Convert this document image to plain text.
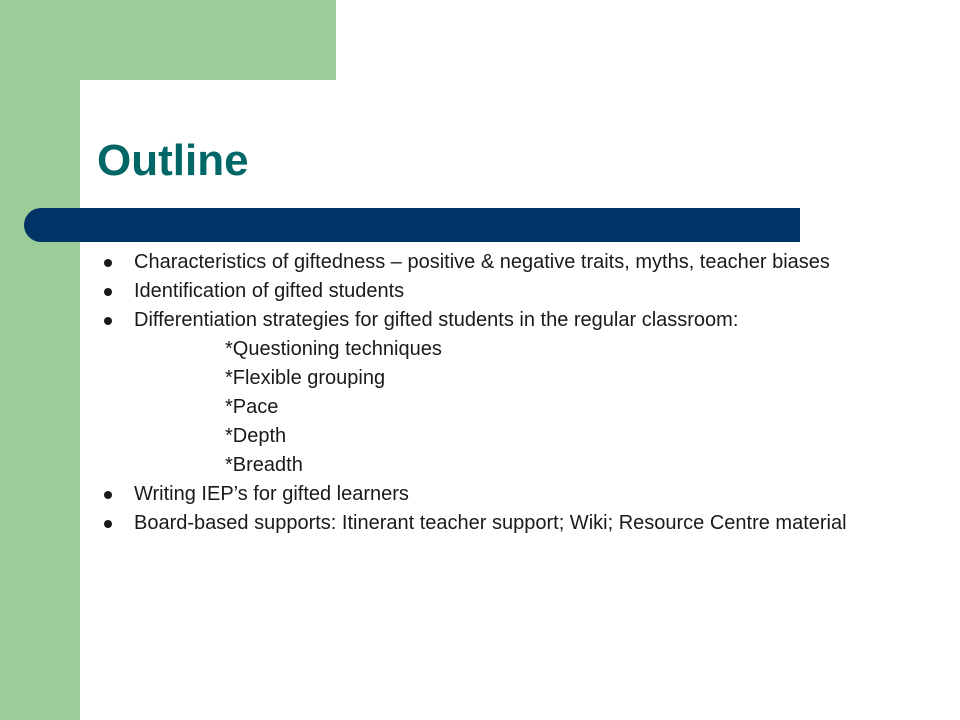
Outline
Characteristics of giftedness – positive & negative traits, myths, teacher biases
Identification of gifted students
Differentiation strategies for gifted students in the regular classroom:
*Questioning techniques
*Flexible grouping
*Pace
*Depth
*Breadth
Writing IEP’s for gifted learners
Board-based supports: Itinerant teacher support; Wiki; Resource Centre material
